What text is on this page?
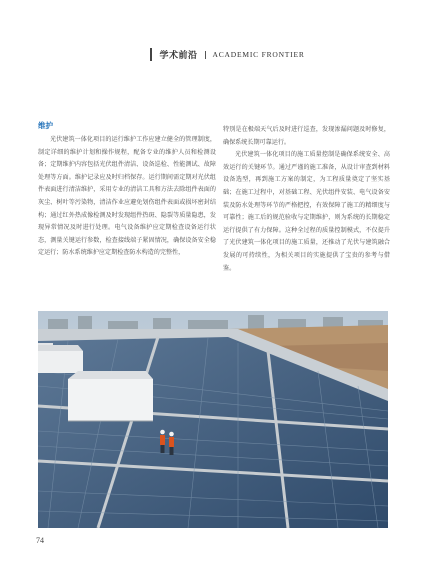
学术前沿 ACADEMIC FRONTIER
维护

光伏建筑一体化项目的运行维护工作应建立健全的管理制度，制定详细的维护计划和操作规程，配备专业的维护人员和检测设备；定期维护内容包括光伏组件清洁、设备巡检、性能测试、故障处理等方面。维护记录应及时归档保存。运行期间需定期对光伏组件表面进行清洁维护，采用专业的清洁工具和方法去除组件表面的灰尘、树叶等污染物，清洁作业应避免划伤组件表面或损坏密封结构；通过红外热成像检测及时发现组件热斑、隐裂等质量隐患，发现异常情况及时进行处理。电气设备维护应定期检查设备运行状态，测量关键运行参数，检查接线端子紧固情况，确保设备安全稳定运行；防水系统维护应定期检查防水构造的完整性，

特别是在极端天气后及时进行巡查，发现渗漏问题及时修复，确保系统长期可靠运行。

光伏建筑一体化项目的施工质量控制是确保系统安全、高效运行的关键环节。通过严谨的施工准备，从设计审查到材料设备选型，再到施工方案的制定，为工程质量奠定了坚实基础；在施工过程中，对基础工程、光伏组件安装、电气设备安装及防水处理等环节的严格把控，有效保障了施工的精细度与可靠性；施工后的规范验收与定期维护，则为系统的长期稳定运行提供了有力保障。这种全过程的质量控制模式，不仅提升了光伏建筑一体化项目的施工质量，还推动了光伏与建筑融合发展的可持续性，为相关项目的实施提供了宝贵的参考与借鉴。

74
